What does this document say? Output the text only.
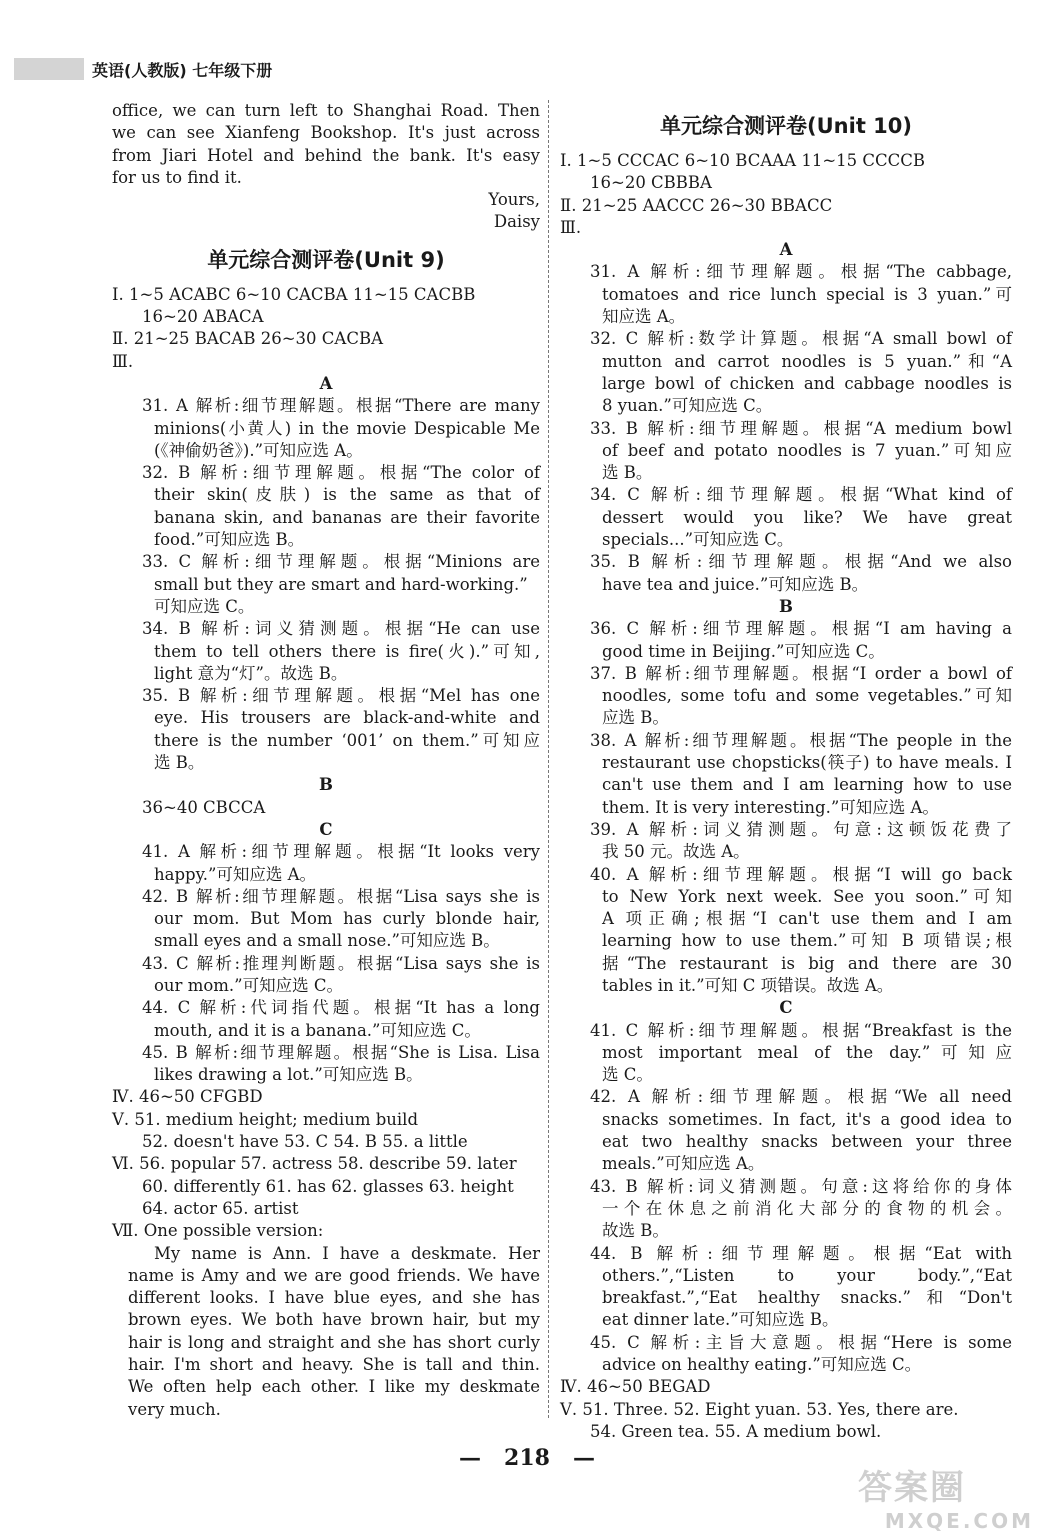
英语(人教版) 七年级下册
office, we can turn left to Shanghai Road. Then
we can see Xianfeng Bookshop. It's just across
from Jiari Hotel and behind the bank. It's easy
for us to find it.
Yours,
Daisy
单元综合测评卷(Unit 9)
Ⅰ. 1~5 ACABC 6~10 CACBA 11~15 CACBB
16~20 ABACA
Ⅱ. 21~25 BACAB 26~30 CACBA
Ⅲ.
A
31. A 解析:细节理解题。根据“There are many
minions(小黄人) in the movie Despicable Me
(《神偷奶爸》).”可知应选 A。
32. B 解析:细节理解题。根据“The color of
their skin(皮肤) is the same as that of
banana skin, and bananas are their favorite
food.”可知应选 B。
33. C 解析:细节理解题。根据“Minions are
small but they are smart and hard-working.”
可知应选 C。
34. B 解析:词义猜测题。根据“He can use
them to tell others there is fire(火).”可知,
light 意为“灯”。故选 B。
35. B 解析:细节理解题。根据“Mel has one
eye. His trousers are black-and-white and
there is the number ‘001’ on them.”可知应
选 B。
B
36~40 CBCCA
C
41. A 解析:细节理解题。根据“It looks very
happy.”可知应选 A。
42. B 解析:细节理解题。根据“Lisa says she is
our mom. But Mom has curly blonde hair,
small eyes and a small nose.”可知应选 B。
43. C 解析:推理判断题。根据“Lisa says she is
our mom.”可知应选 C。
44. C 解析:代词指代题。根据“It has a long
mouth, and it is a banana.”可知应选 C。
45. B 解析:细节理解题。根据“She is Lisa. Lisa
likes drawing a lot.”可知应选 B。
Ⅳ. 46~50 CFGBD
Ⅴ. 51. medium height; medium build
52. doesn't have 53. C 54. B 55. a little
Ⅵ. 56. popular 57. actress 58. describe 59. later
60. differently 61. has 62. glasses 63. height
64. actor 65. artist
Ⅶ. One possible version:
My name is Ann. I have a deskmate. Her
name is Amy and we are good friends. We have
different looks. I have blue eyes, and she has
brown eyes. We both have brown hair, but my
hair is long and straight and she has short curly
hair. I'm short and heavy. She is tall and thin.
We often help each other. I like my deskmate
very much.
单元综合测评卷(Unit 10)
Ⅰ. 1~5 CCCAC 6~10 BCAAA 11~15 CCCCB
16~20 CBBBA
Ⅱ. 21~25 AACCC 26~30 BBACC
Ⅲ.
A
31. A 解析:细节理解题。根据“The cabbage,
tomatoes and rice lunch special is 3 yuan.”可
知应选 A。
32. C 解析:数学计算题。根据“A small bowl of
mutton and carrot noodles is 5 yuan.”和“A
large bowl of chicken and cabbage noodles is
8 yuan.”可知应选 C。
33. B 解析:细节理解题。根据“A medium bowl
of beef and potato noodles is 7 yuan.”可知应
选 B。
34. C 解析:细节理解题。根据“What kind of
dessert would you like? We have great
specials...”可知应选 C。
35. B 解析:细节理解题。根据“And we also
have tea and juice.”可知应选 B。
B
36. C 解析:细节理解题。根据“I am having a
good time in Beijing.”可知应选 C。
37. B 解析:细节理解题。根据“I order a bowl of
noodles, some tofu and some vegetables.”可知
应选 B。
38. A 解析:细节理解题。根据“The people in the
restaurant use chopsticks(筷子) to have meals. I
can't use them and I am learning how to use
them. It is very interesting.”可知应选 A。
39. A 解析:词义猜测题。句意:这顿饭花费了
我 50 元。故选 A。
40. A 解析:细节理解题。根据“I will go back
to New York next week. See you soon.”可知
A 项正确;根据“I can't use them and I am
learning how to use them.”可知 B 项错误;根
据“The restaurant is big and there are 30
tables in it.”可知 C 项错误。故选 A。
C
41. C 解析:细节理解题。根据“Breakfast is the
most important meal of the day.”可知应
选 C。
42. A 解析:细节理解题。根据“We all need
snacks sometimes. In fact, it's a good idea to
eat two healthy snacks between your three
meals.”可知应选 A。
43. B 解析:词义猜测题。句意:这将给你的身体
一个在休息之前消化大部分的食物的机会。
故选 B。
44. B 解析:细节理解题。根据“Eat with
others.”,“Listen to your body.”,“Eat
breakfast.”,“Eat healthy snacks.”和“Don't
eat dinner late.”可知应选 B。
45. C 解析:主旨大意题。根据“Here is some
advice on healthy eating.”可知应选 C。
Ⅳ. 46~50 BEGAD
Ⅴ. 51. Three. 52. Eight yuan. 53. Yes, there are.
54. Green tea. 55. A medium bowl.
—   218   —
答案圈
MXQE.COM
